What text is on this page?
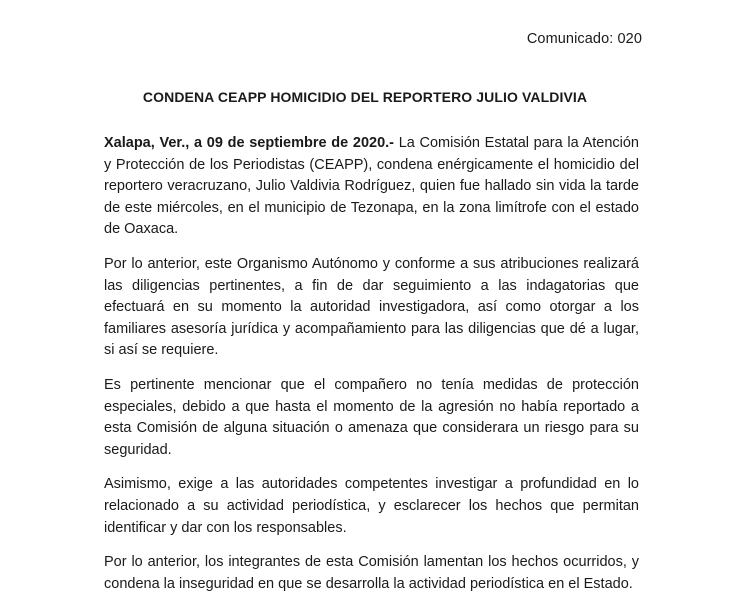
Comunicado: 020
CONDENA CEAPP HOMICIDIO DEL REPORTERO JULIO VALDIVIA

Xalapa, Ver., a 09 de septiembre de 2020.- La Comisión Estatal para la Atención y Protección de los Periodistas (CEAPP), condena enérgicamente el homicidio del reportero veracruzano, Julio Valdivia Rodríguez, quien fue hallado sin vida la tarde de este miércoles, en el municipio de Tezonapa, en la zona limítrofe con el estado de Oaxaca.

Por lo anterior, este Organismo Autónomo y conforme a sus atribuciones realizará las diligencias pertinentes, a fin de dar seguimiento a las indagatorias que efectuará en su momento la autoridad investigadora, así como otorgar a los familiares asesoría jurídica y acompañamiento para las diligencias que dé a lugar, si así se requiere.

Es pertinente mencionar que el compañero no tenía medidas de protección especiales, debido a que hasta el momento de la agresión no había reportado a esta Comisión de alguna situación o amenaza que considerara un riesgo para su seguridad.

Asimismo, exige a las autoridades competentes investigar a profundidad en lo relacionado a su actividad periodística, y esclarecer los hechos que permitan identificar y dar con los responsables.

Por lo anterior, los integrantes de esta Comisión lamentan los hechos ocurridos, y condena la inseguridad en que se desarrolla la actividad periodística en el Estado.
